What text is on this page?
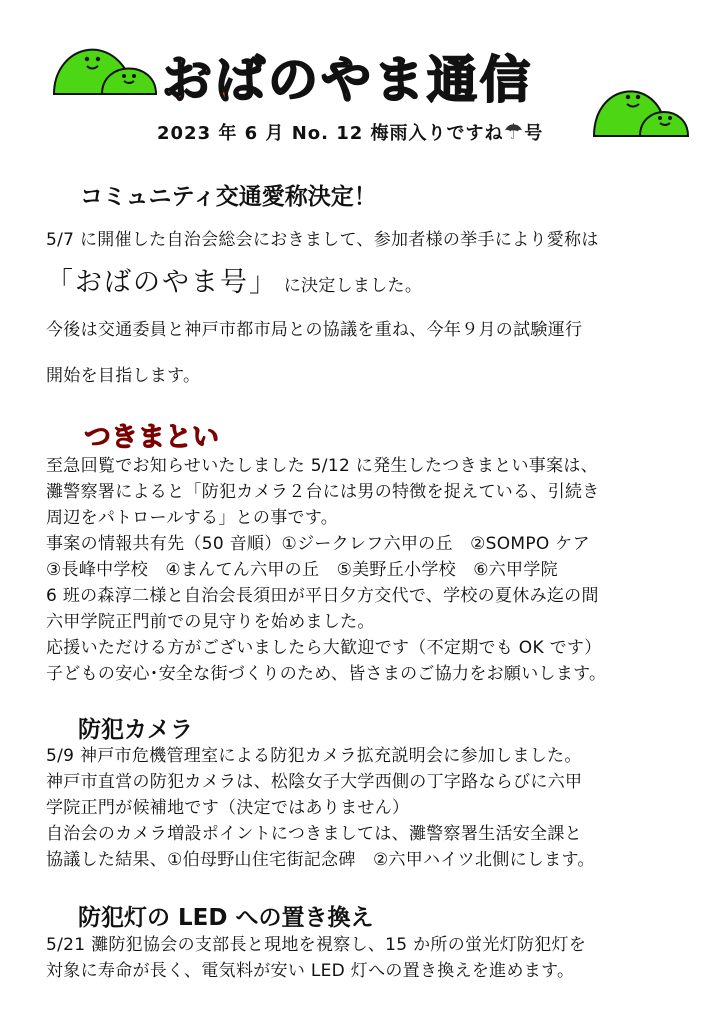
おばのやま通信
2023 年 6 月 No. 12 梅雨入りですね☂号
コミュニティ交通愛称決定！
5/7 に開催した自治会総会におきまして、参加者様の挙手により愛称は
「おばのやま号」 に決定しました。
今後は交通委員と神戸市都市局との協議を重ね、今年９月の試験運行
開始を目指します。
つきまとい
至急回覧でお知らせいたしました 5/12 に発生したつきまとい事案は、
灘警察署によると「防犯カメラ２台には男の特徴を捉えている、引続き
周辺をパトロールする」との事です。
事案の情報共有先（50 音順）①ジークレフ六甲の丘　②SOMPO ケア
③長峰中学校　④まんてん六甲の丘　⑤美野丘小学校　⑥六甲学院
6 班の森淳二様と自治会長須田が平日夕方交代で、学校の夏休み迄の間
六甲学院正門前での見守りを始めました。
応援いただける方がございましたら大歓迎です（不定期でも OK です）
子どもの安心･安全な街づくりのため、皆さまのご協力をお願いします。
防犯カメラ
5/9 神戸市危機管理室による防犯カメラ拡充説明会に参加しました。
神戸市直営の防犯カメラは、松陰女子大学西側の丁字路ならびに六甲
学院正門が候補地です（決定ではありません）
自治会のカメラ増設ポイントにつきましては、灘警察署生活安全課と
協議した結果、①伯母野山住宅街記念碑　②六甲ハイツ北側にします。
防犯灯の LED への置き換え
5/21 灘防犯協会の支部長と現地を視察し、15 か所の蛍光灯防犯灯を
対象に寿命が長く、電気料が安い LED 灯への置き換えを進めます。
